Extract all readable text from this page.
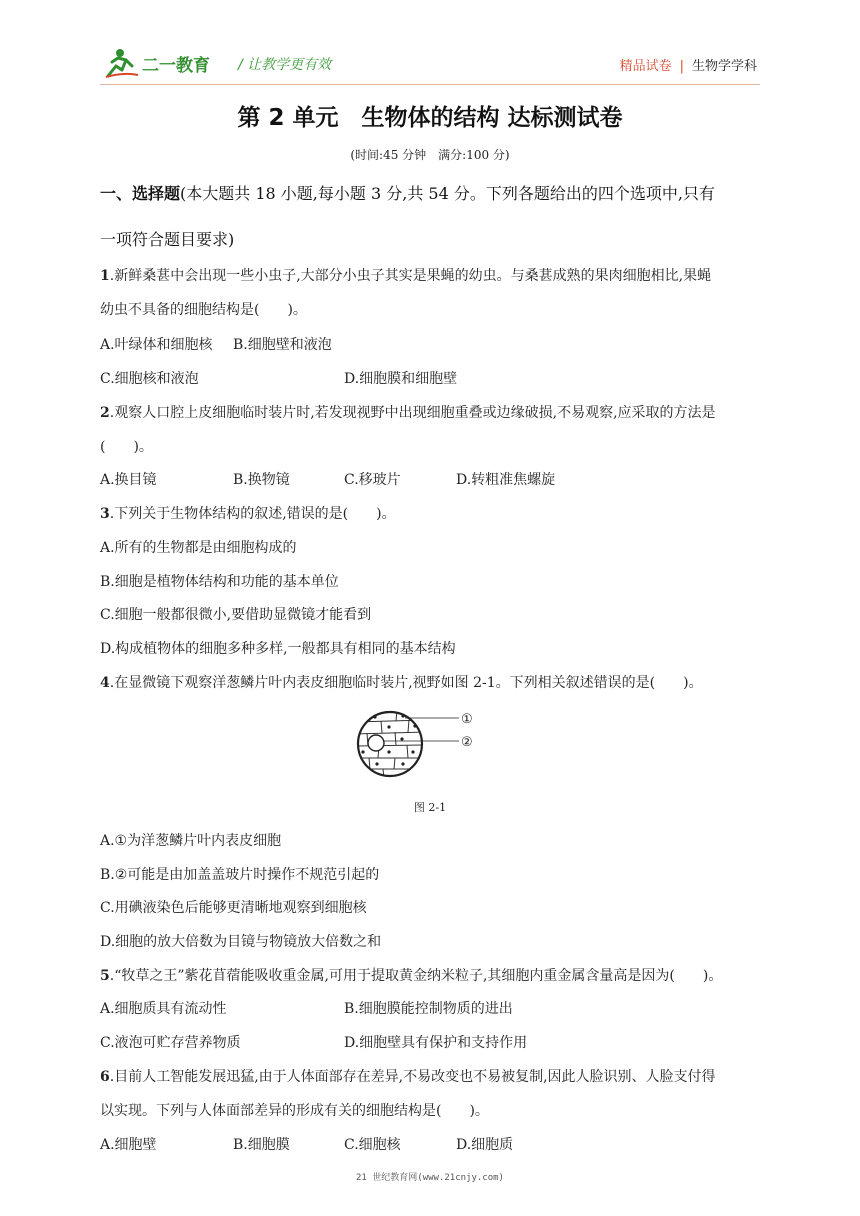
二一教育 / 让教学更有效	精品试卷 | 生物学学科
第 2 单元　生物体的结构 达标测试卷
(时间:45 分钟　满分:100 分)
一、选择题(本大题共 18 小题,每小题 3 分,共 54 分。下列各题给出的四个选项中,只有
一项符合题目要求)
1.新鲜桑葚中会出现一些小虫子,大部分小虫子其实是果蝇的幼虫。与桑葚成熟的果肉细胞相比,果蝇
幼虫不具备的细胞结构是(　　)。
A.叶绿体和细胞核 B.细胞壁和液泡
C.细胞核和液泡	D.细胞膜和细胞壁
2.观察人口腔上皮细胞临时装片时,若发现视野中出现细胞重叠或边缘破损,不易观察,应采取的方法是
(　　)。
A.换目镜	B.换物镜	C.移玻片	D.转粗准焦螺旋
3.下列关于生物体结构的叙述,错误的是(　　)。
A.所有的生物都是由细胞构成的
B.细胞是植物体结构和功能的基本单位
C.细胞一般都很微小,要借助显微镜才能看到
D.构成植物体的细胞多种多样,一般都具有相同的基本结构
4.在显微镜下观察洋葱鳞片叶内表皮细胞临时装片,视野如图 2-1。下列相关叙述错误的是(　　)。
①
②
图 2-1
A.①为洋葱鳞片叶内表皮细胞
B.②可能是由加盖盖玻片时操作不规范引起的
C.用碘液染色后能够更清晰地观察到细胞核
D.细胞的放大倍数为目镜与物镜放大倍数之和
5.“牧草之王”紫花苜蓿能吸收重金属,可用于提取黄金纳米粒子,其细胞内重金属含量高是因为(　　)。
A.细胞质具有流动性	B.细胞膜能控制物质的进出
C.液泡可贮存营养物质	D.细胞壁具有保护和支持作用
6.目前人工智能发展迅猛,由于人体面部存在差异,不易改变也不易被复制,因此人脸识别、人脸支付得
以实现。下列与人体面部差异的形成有关的细胞结构是(　　)。
A.细胞壁	B.细胞膜	C.细胞核	D.细胞质
21 世纪教育网(www.21cnjy.com)
